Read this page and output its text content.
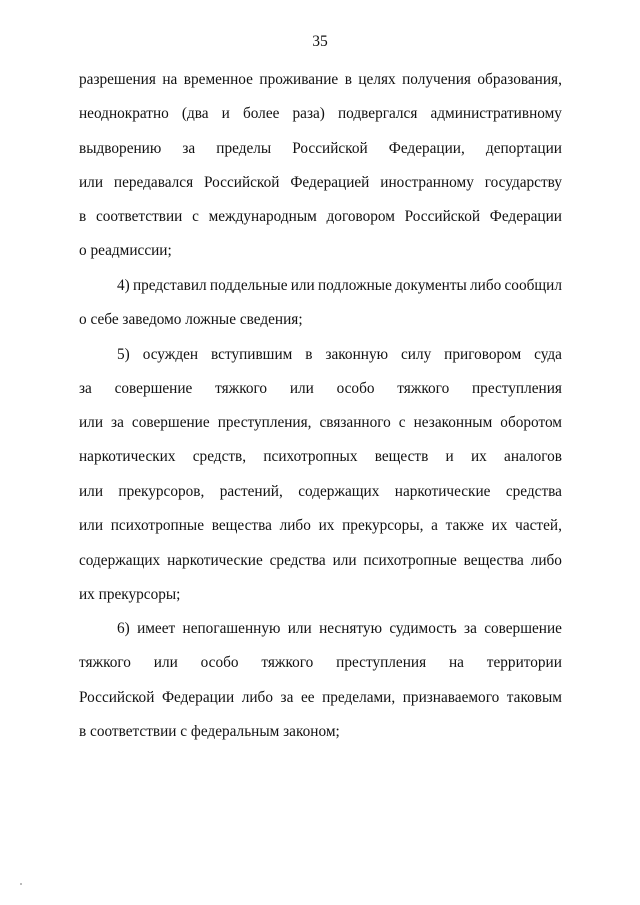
35
разрешения на временное проживание в целях получения образования,
неоднократно (два и более раза) подвергался административному
выдворению за пределы Российской Федерации, депортации
или передавался Российской Федерацией иностранному государству
в соответствии с международным договором Российской Федерации
о реадмиссии;
4) представил поддельные или подложные документы либо сообщил
о себе заведомо ложные сведения;
5) осужден вступившим в законную силу приговором суда
за совершение тяжкого или особо тяжкого преступления
или за совершение преступления, связанного с незаконным оборотом
наркотических средств, психотропных веществ и их аналогов
или прекурсоров, растений, содержащих наркотические средства
или психотропные вещества либо их прекурсоры, а также их частей,
содержащих наркотические средства или психотропные вещества либо
их прекурсоры;
6) имеет непогашенную или неснятую судимость за совершение
тяжкого или особо тяжкого преступления на территории
Российской Федерации либо за ее пределами, признаваемого таковым
в соответствии с федеральным законом;
